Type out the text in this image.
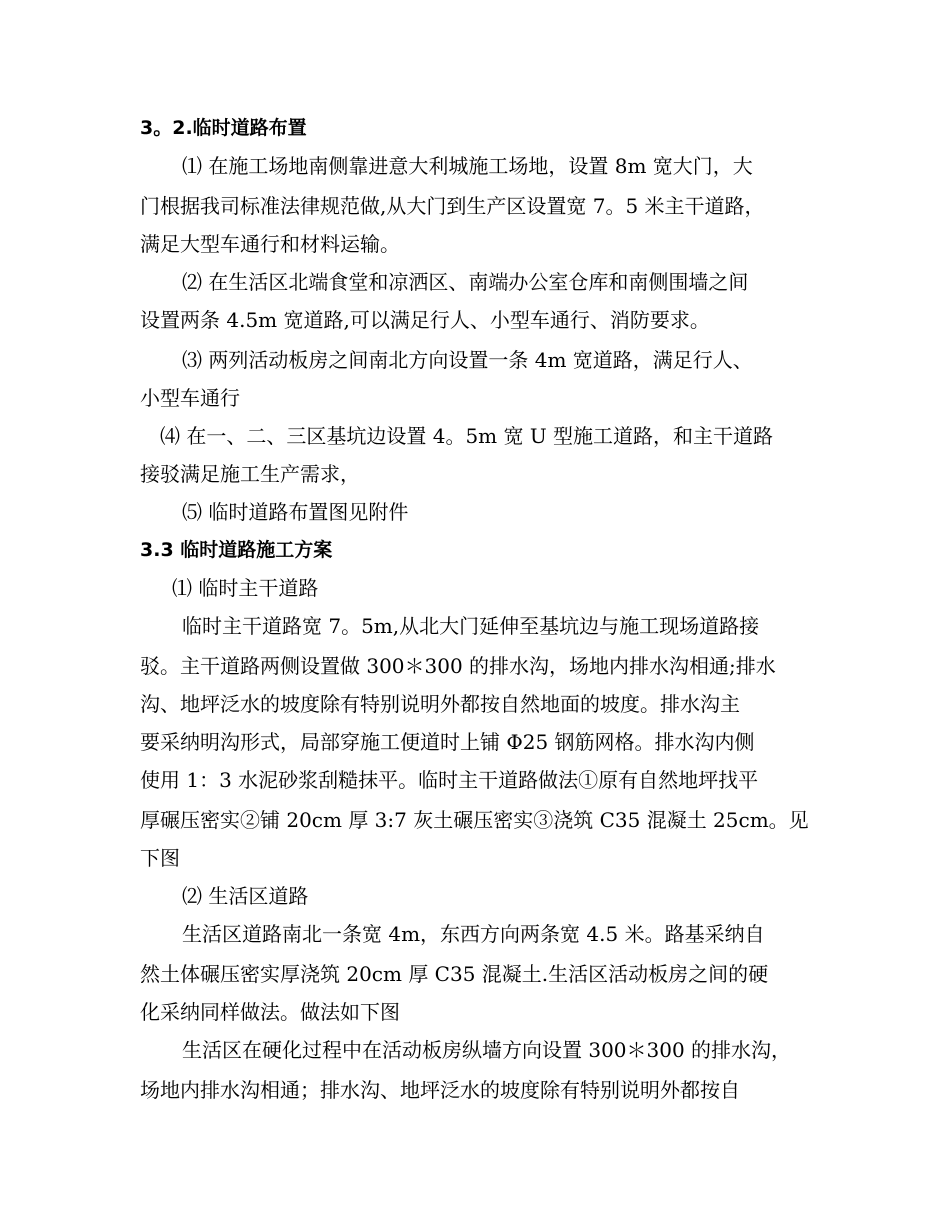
3。2.临时道路布置
⑴ 在施工场地南侧靠进意大利城施工场地，设置 8m 宽大门，大
门根据我司标准法律规范做,从大门到生产区设置宽 7。5 米主干道路，
满足大型车通行和材料运输。
⑵ 在生活区北端食堂和凉洒区、南端办公室仓库和南侧围墙之间
设置两条 4.5m 宽道路,可以满足行人、小型车通行、消防要求。
⑶ 两列活动板房之间南北方向设置一条 4m 宽道路，满足行人、
小型车通行
⑷ 在一、二、三区基坑边设置 4。5m 宽 U 型施工道路，和主干道路
接驳满足施工生产需求，
⑸ 临时道路布置图见附件
3.3 临时道路施工方案
⑴ 临时主干道路
临时主干道路宽 7。5m,从北大门延伸至基坑边与施工现场道路接
驳。主干道路两侧设置做 300＊300 的排水沟，场地内排水沟相通;排水
沟、地坪泛水的坡度除有特别说明外都按自然地面的坡度。排水沟主
要采纳明沟形式，局部穿施工便道时上铺 Φ25 钢筋网格。排水沟内侧
使用 1：3 水泥砂浆刮糙抹平。临时主干道路做法①原有自然地坪找平
厚碾压密实②铺 20cm 厚 3:7 灰土碾压密实③浇筑 C35 混凝土 25cm。见
下图
⑵ 生活区道路
生活区道路南北一条宽 4m，东西方向两条宽 4.5 米。路基采纳自
然土体碾压密实厚浇筑 20cm 厚 C35 混凝土.生活区活动板房之间的硬
化采纳同样做法。做法如下图
生活区在硬化过程中在活动板房纵墙方向设置 300＊300 的排水沟，
场地内排水沟相通；排水沟、地坪泛水的坡度除有特别说明外都按自
